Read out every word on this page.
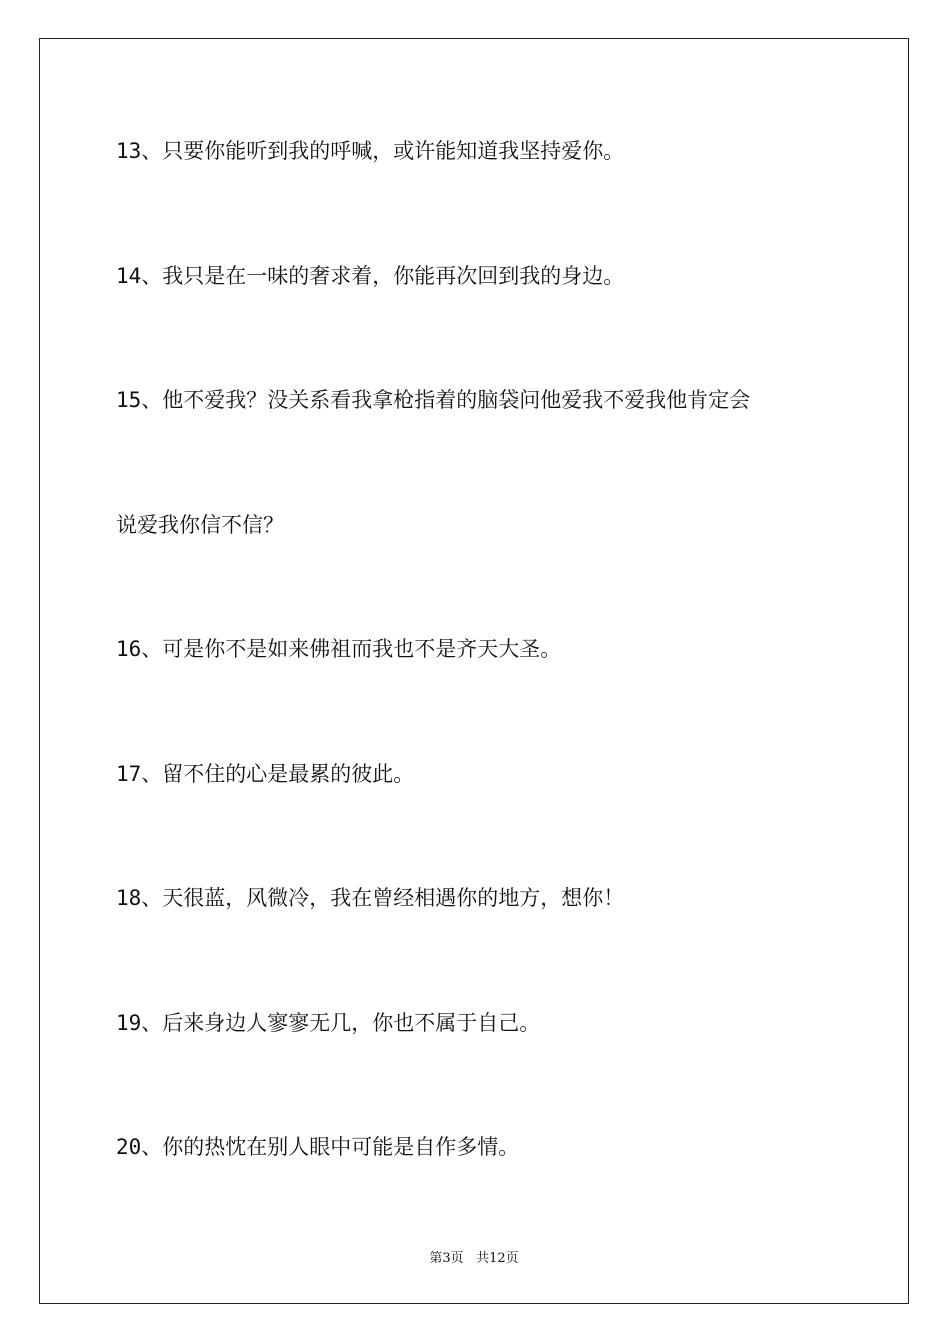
13、只要你能听到我的呼喊，或许能知道我坚持爱你。
14、我只是在一味的奢求着，你能再次回到我的身边。
15、他不爱我？没关系看我拿枪指着的脑袋问他爱我不爱我他肯定会
说爱我你信不信？
16、可是你不是如来佛祖而我也不是齐天大圣。
17、留不住的心是最累的彼此。
18、天很蓝，风微冷，我在曾经相遇你的地方，想你！
19、后来身边人寥寥无几，你也不属于自己。
20、你的热忱在别人眼中可能是自作多情。
第3页 共12页
